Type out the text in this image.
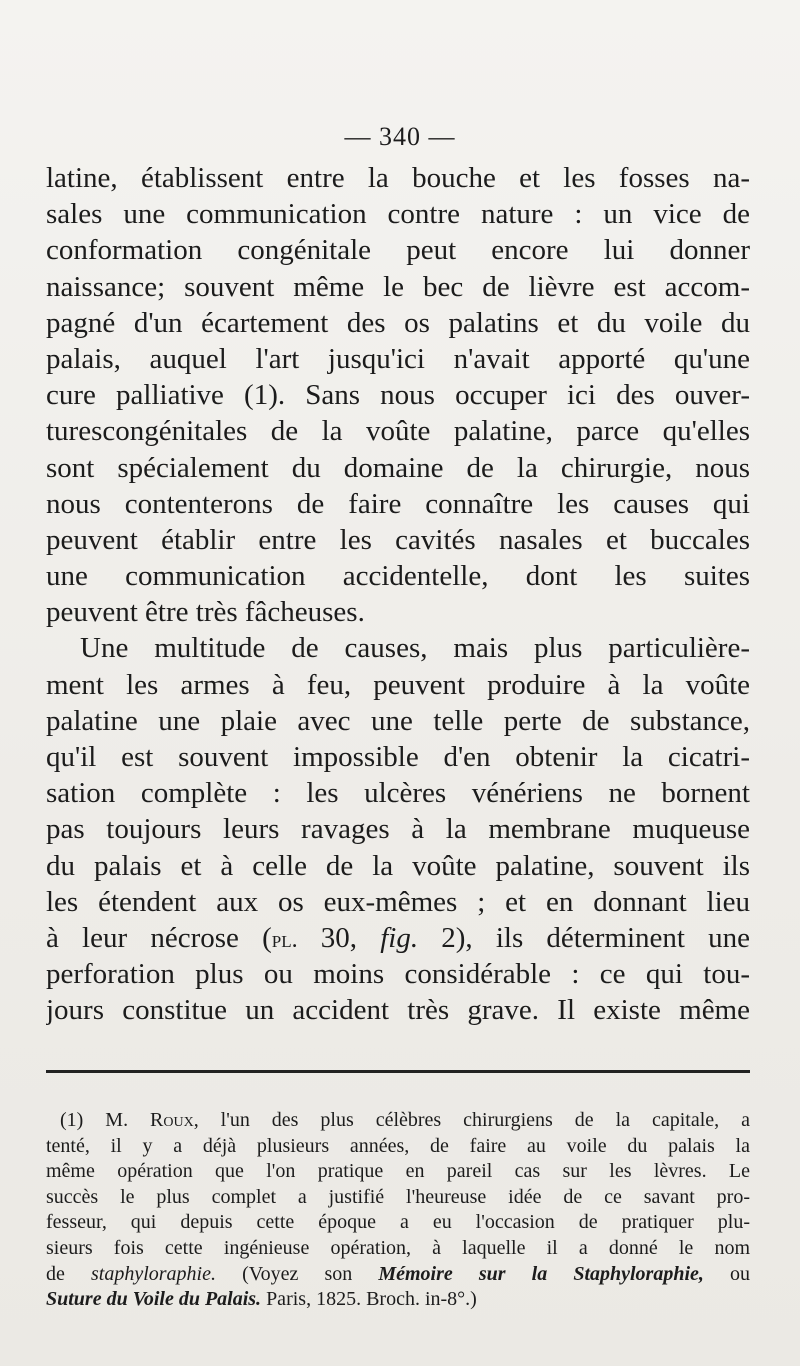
— 340 —
latine, établissent entre la bouche et les fosses na-
sales une communication contre nature : un vice de
conformation congénitale peut encore lui donner
naissance; souvent même le bec de lièvre est accom-
pagné d'un écartement des os palatins et du voile du
palais, auquel l'art jusqu'ici n'avait apporté qu'une
cure palliative (1). Sans nous occuper ici des ouver-
turescongénitales de la voûte palatine, parce qu'elles
sont spécialement du domaine de la chirurgie, nous
nous contenterons de faire connaître les causes qui
peuvent établir entre les cavités nasales et buccales
une communication accidentelle, dont les suites
peuvent être très fâcheuses.
Une multitude de causes, mais plus particulière-
ment les armes à feu, peuvent produire à la voûte
palatine une plaie avec une telle perte de substance,
qu'il est souvent impossible d'en obtenir la cicatri-
sation complète : les ulcères vénériens ne bornent
pas toujours leurs ravages à la membrane muqueuse
du palais et à celle de la voûte palatine, souvent ils
les étendent aux os eux-mêmes ; et en donnant lieu
à leur nécrose (pl. 30, fig. 2), ils déterminent une
perforation plus ou moins considérable : ce qui tou-
jours constitue un accident très grave. Il existe même
(1) M. Roux, l'un des plus célèbres chirurgiens de la capitale, a
tenté, il y a déjà plusieurs années, de faire au voile du palais la
même opération que l'on pratique en pareil cas sur les lèvres. Le
succès le plus complet a justifié l'heureuse idée de ce savant pro-
fesseur, qui depuis cette époque a eu l'occasion de pratiquer plu-
sieurs fois cette ingénieuse opération, à laquelle il a donné le nom
de staphyloraphie. (Voyez son Mémoire sur la Staphyloraphie, ou
Suture du Voile du Palais. Paris, 1825. Broch. in-8°.)
